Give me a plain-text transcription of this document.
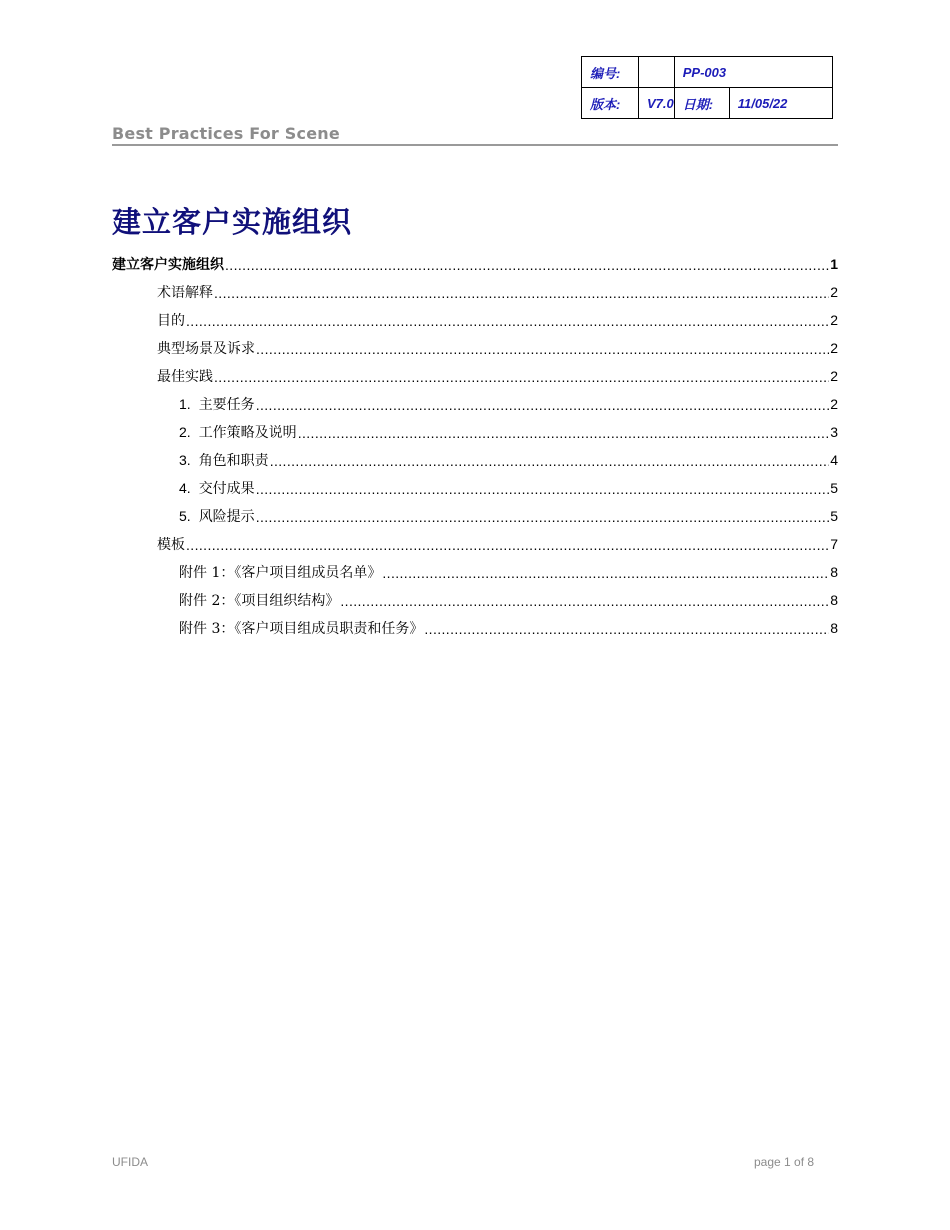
编号:		PP-003	
版本:	V7.0	日期:	11/05/22
Best Practices For Scene
建立客户实施组织
建立客户实施组织 .....	1
术语解释 .....	2
目的 .....	2
典型场景及诉求 .....	2
最佳实践 .....	2
1. 主要任务 .....	2
2. 工作策略及说明 .....	3
3. 角色和职责 .....	4
4. 交付成果 .....	5
5. 风险提示 .....	5
模板 .....	7
附件 1：《客户项目组成员名单》 .....	8
附件 2：《项目组织结构》 .....	8
附件 3：《客户项目组成员职责和任务》 .....	8
UFIDA	page 1 of 8
